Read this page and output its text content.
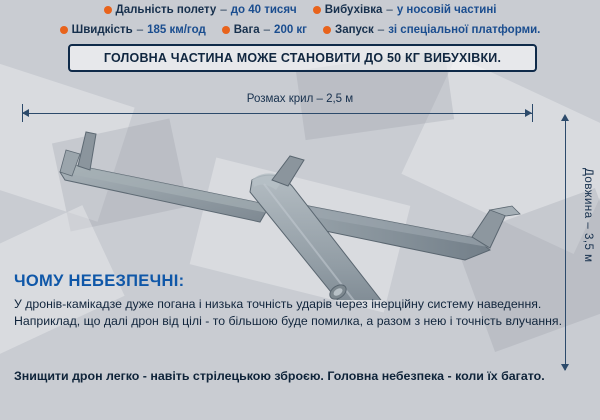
Дальність полету – до 40 тисяч Вибухівка – у носовій частині
Швидкість – 185 км/год Вага – 200 кг Запуск – зі спеціальної платформи.
ГОЛОВНА ЧАСТИНА МОЖЕ СТАНОВИТИ ДО 50 КГ ВИБУХІВКИ.
Розмах крил – 2,5 м
Довжина – 3,5 м
ЧОМУ НЕБЕЗПЕЧНІ:

У дронів-камікадзе дуже погана і низька точність ударів через інерційну систему наведення. Наприклад, що далі дрон від цілі - то більшою буде помилка, а разом з нею і точність влучання.

Знищити дрон легко - навіть стрілецькою зброєю. Головна небезпека - коли їх багато.
